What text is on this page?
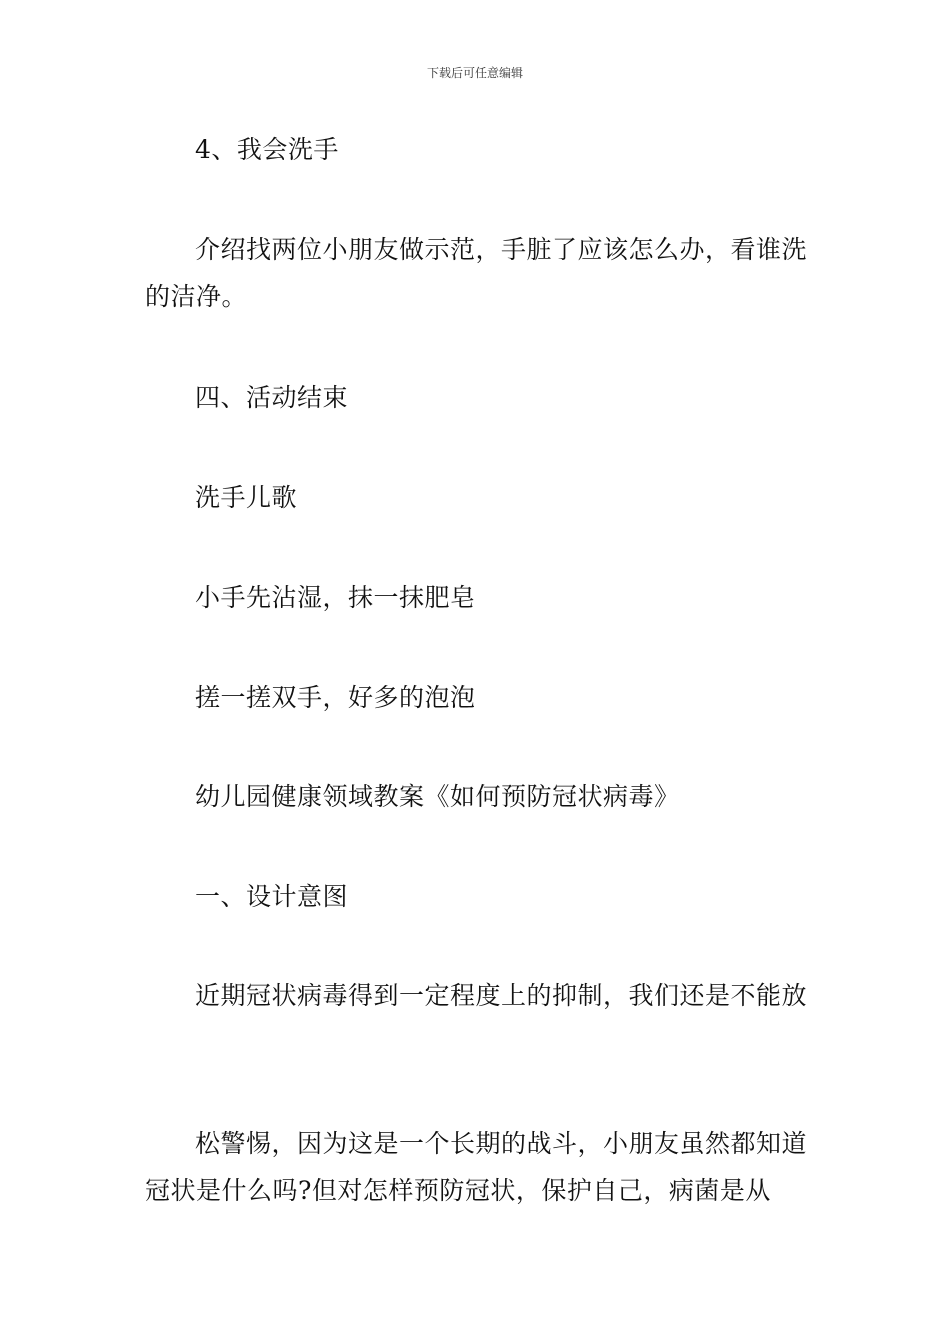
下载后可任意编辑

4、我会洗手

介绍找两位小朋友做示范，手脏了应该怎么办，看谁洗的洁净。

四、活动结束

洗手儿歌

小手先沾湿，抹一抹肥皂

搓一搓双手，好多的泡泡

幼儿园健康领域教案《如何预防冠状病毒》

一、设计意图

近期冠状病毒得到一定程度上的抑制，我们还是不能放

松警惕，因为这是一个长期的战斗，小朋友虽然都知道冠状是什么吗?但对怎样预防冠状，保护自己，病菌是从
